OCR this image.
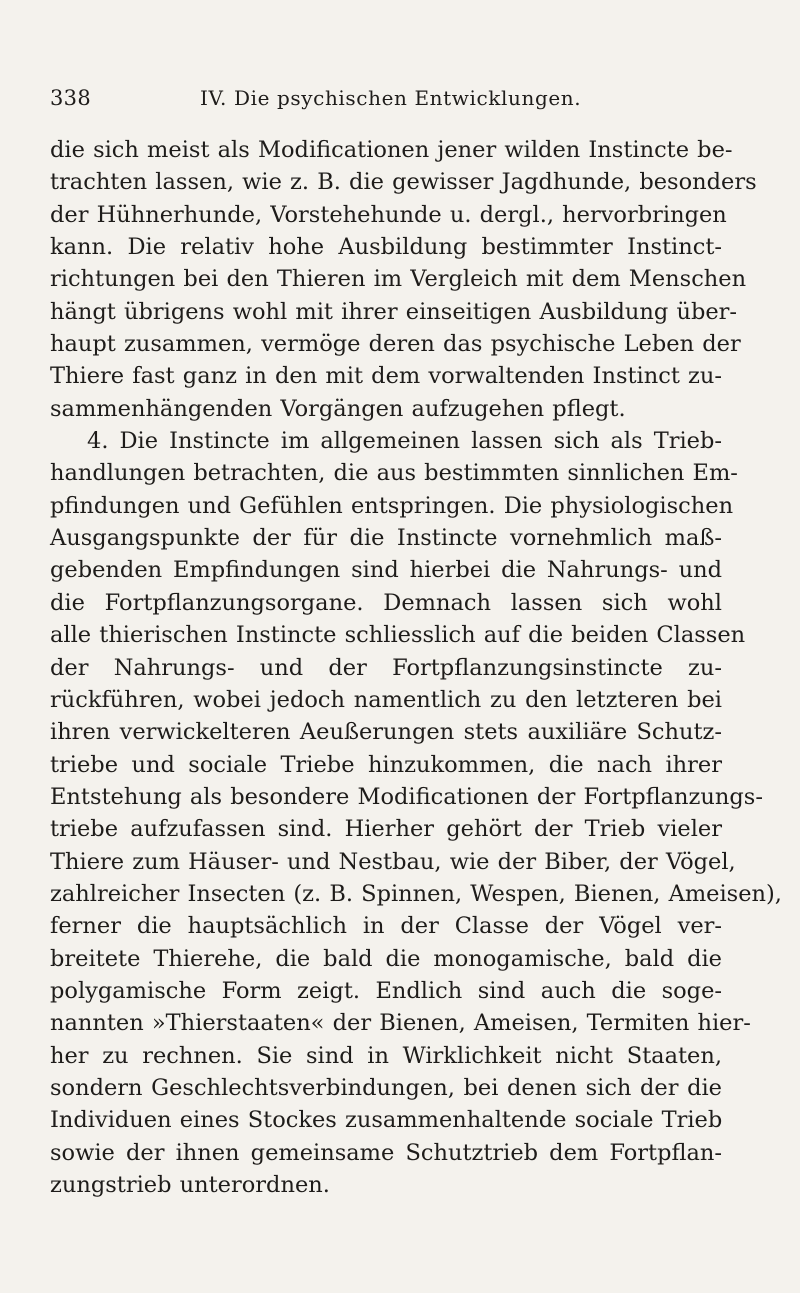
338	IV. Die psychischen Entwicklungen.
die sich meist als Modificationen jener wilden Instincte be-
trachten lassen, wie z. B. die gewisser Jagdhunde, besonders
der Hühnerhunde, Vorstehehunde u. dergl., hervorbringen
kann. Die relativ hohe Ausbildung bestimmter Instinct-
richtungen bei den Thieren im Vergleich mit dem Menschen
hängt übrigens wohl mit ihrer einseitigen Ausbildung über-
haupt zusammen, vermöge deren das psychische Leben der
Thiere fast ganz in den mit dem vorwaltenden Instinct zu-
sammenhängenden Vorgängen aufzugehen pflegt.
4. Die Instincte im allgemeinen lassen sich als Trieb-
handlungen betrachten, die aus bestimmten sinnlichen Em-
pfindungen und Gefühlen entspringen. Die physiologischen
Ausgangspunkte der für die Instincte vornehmlich maß-
gebenden Empfindungen sind hierbei die Nahrungs- und
die Fortpflanzungsorgane. Demnach lassen sich wohl
alle thierischen Instincte schliesslich auf die beiden Classen
der Nahrungs- und der Fortpflanzungsinstincte zu-
rückführen, wobei jedoch namentlich zu den letzteren bei
ihren verwickelteren Aeußerungen stets auxiliäre Schutz-
triebe und sociale Triebe hinzukommen, die nach ihrer
Entstehung als besondere Modificationen der Fortpflanzungs-
triebe aufzufassen sind. Hierher gehört der Trieb vieler
Thiere zum Häuser- und Nestbau, wie der Biber, der Vögel,
zahlreicher Insecten (z. B. Spinnen, Wespen, Bienen, Ameisen),
ferner die hauptsächlich in der Classe der Vögel ver-
breitete Thierehe, die bald die monogamische, bald die
polygamische Form zeigt. Endlich sind auch die soge-
nannten »Thierstaaten« der Bienen, Ameisen, Termiten hier-
her zu rechnen. Sie sind in Wirklichkeit nicht Staaten,
sondern Geschlechtsverbindungen, bei denen sich der die
Individuen eines Stockes zusammenhaltende sociale Trieb
sowie der ihnen gemeinsame Schutztrieb dem Fortpflan-
zungstrieb unterordnen.
